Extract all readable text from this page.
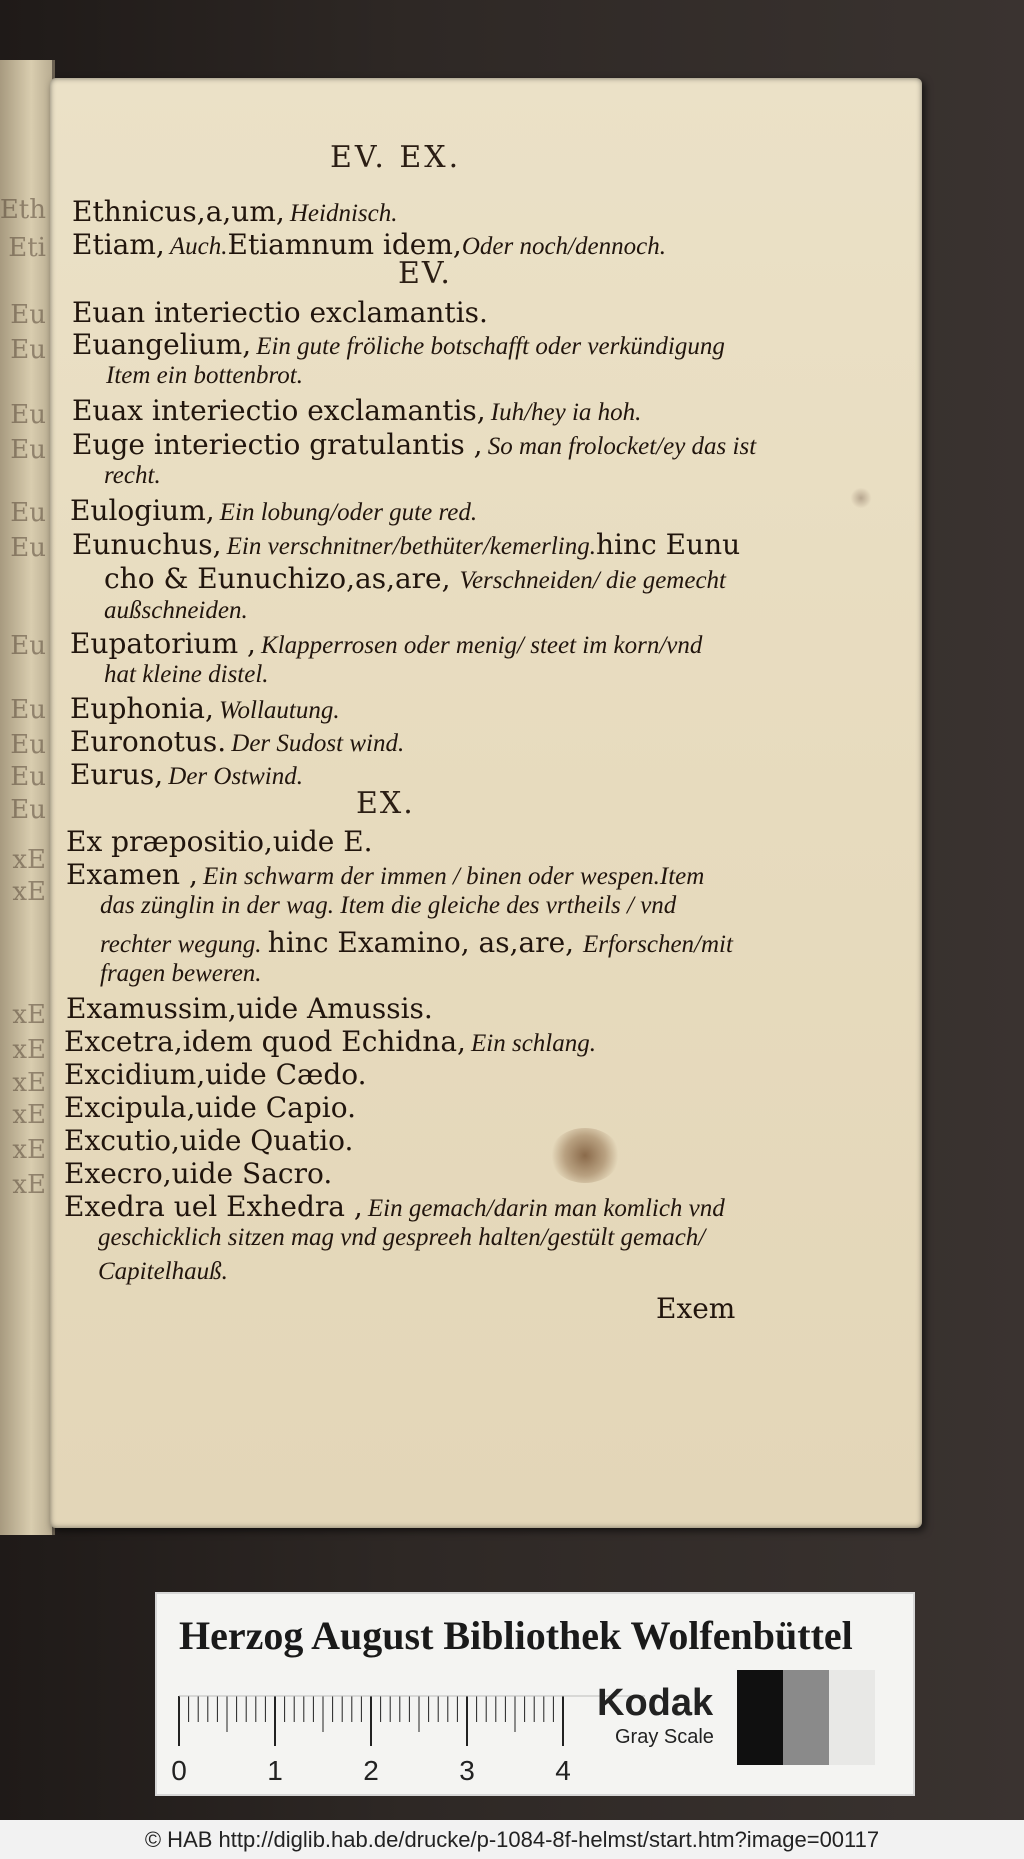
Eth
Eti
Eu
Eu
Eu
Eu
Eu
Eu
Eu
Eu
Eu
Eu
Eu
xE
xE
xE
xE
xE
xE
xE
xE
EV. EX.
EV.
EX.
Ethnicus,a,um, Heidnisch.
Etiam, Auch.Etiamnum idem,Oder noch/dennoch.
Euan interiectio exclamantis.
Euangelium, Ein gute fröliche botschafft oder verkündigung
Item ein bottenbrot.
Euax interiectio exclamantis, Iuh/hey ia hoh.
Euge interiectio gratulantis , So man frolocket/ey das ist
recht.
Eulogium, Ein lobung/oder gute red.
Eunuchus, Ein verschnitner/bethüter/kemerling.hinc Eunu
cho & Eunuchizo,as,are, Verschneiden/ die gemecht
außschneiden.
Eupatorium , Klapperrosen oder menig/ steet im korn/vnd
hat kleine distel.
Euphonia, Wollautung.
Euronotus. Der Sudost wind.
Eurus, Der Ostwind.
Ex præpositio,uide E.
Examen , Ein schwarm der immen / binen oder wespen.Item
das zünglin in der wag. Item die gleiche des vrtheils / vnd
rechter wegung. hinc Examino, as,are, Erforschen/mit
fragen beweren.
Examussim,uide Amussis.
Excetra,idem quod Echidna, Ein schlang.
Excidium,uide Cædo.
Excipula,uide Capio.
Excutio,uide Quatio.
Execro,uide Sacro.
Exedra uel Exhedra , Ein gemach/darin man komlich vnd
geschicklich sitzen mag vnd gespreeh halten/gestült gemach/
Capitelhauß.
Exem
Herzog August Bibliothek Wolfenbüttel
0	1	2	3	4
Kodak
Gray Scale
© HAB http://diglib.hab.de/drucke/p-1084-8f-helmst/start.htm?image=00117
